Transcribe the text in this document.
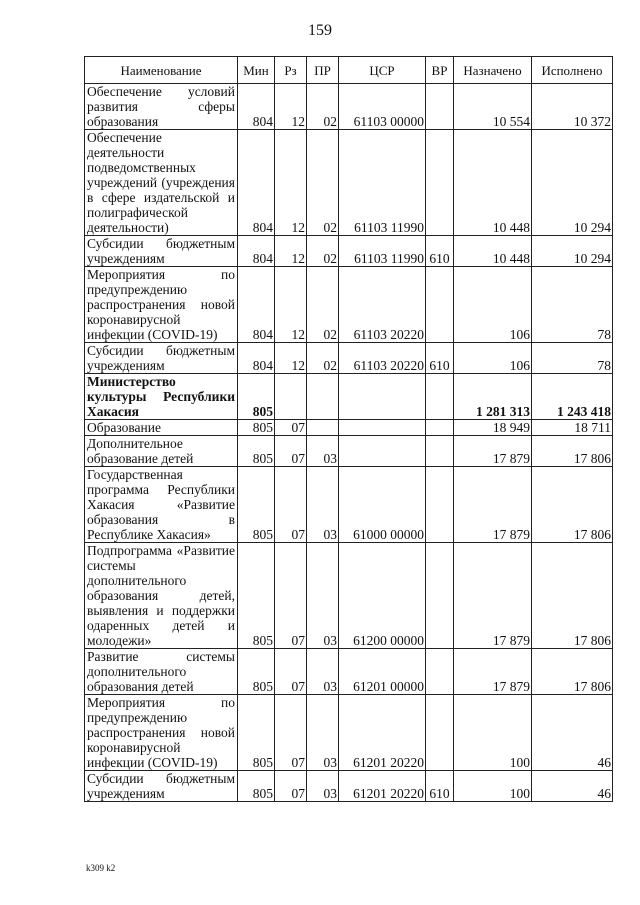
159
Наименование	Мин	Рз	ПР	ЦСР	ВР	Назначено	Исполнено
Обеспечение условий развития сферы образования	804	12	02	61103 00000		10 554	10 372
Обеспечение деятельности подведомственных учреждений (учреждения в сфере издательской и полиграфической деятельности)	804	12	02	61103 11990		10 448	10 294
Субсидии бюджетным учреждениям	804	12	02	61103 11990	610	10 448	10 294
Мероприятия по предупреждению распространения новой коронавирусной инфекции (COVID-19)	804	12	02	61103 20220		106	78
Субсидии бюджетным учреждениям	804	12	02	61103 20220	610	106	78
Министерство культуры Республики Хакасия	805					1 281 313	1 243 418
Образование	805	07				18 949	18 711
Дополнительное образование детей	805	07	03			17 879	17 806
Государственная программа Республики Хакасия «Развитие образования в Республике Хакасия»	805	07	03	61000 00000		17 879	17 806
Подпрограмма «Развитие системы дополнительного образования детей, выявления и поддержки одаренных детей и молодежи»	805	07	03	61200 00000		17 879	17 806
Развитие системы дополнительного образования детей	805	07	03	61201 00000		17 879	17 806
Мероприятия по предупреждению распространения новой коронавирусной инфекции (COVID-19)	805	07	03	61201 20220		100	46
Субсидии бюджетным учреждениям	805	07	03	61201 20220	610	100	46
k309 k2
